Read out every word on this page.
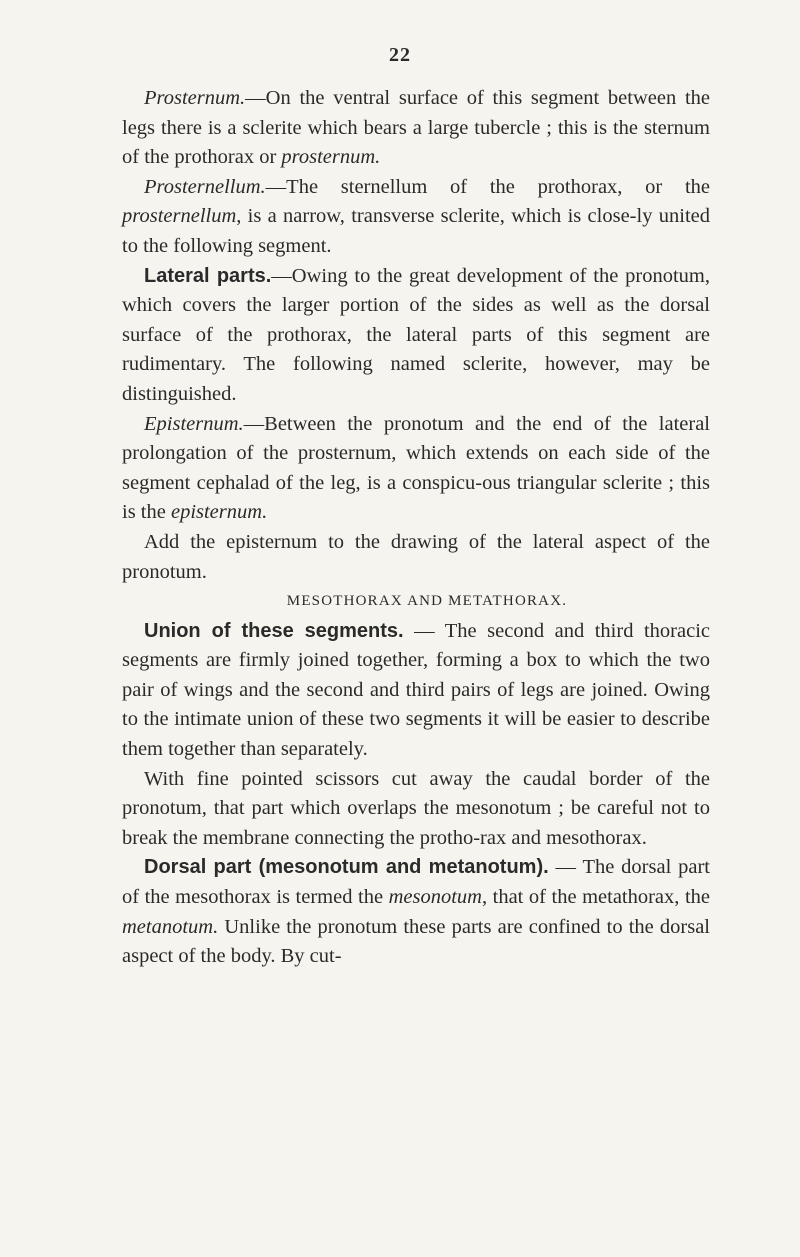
22

Prosternum.—On the ventral surface of this segment between the legs there is a sclerite which bears a large tubercle ; this is the sternum of the prothorax or prosternum.

Prosternellum.—The sternellum of the prothorax, or the prosternellum, is a narrow, transverse sclerite, which is close-ly united to the following segment.

Lateral parts.—Owing to the great development of the pronotum, which covers the larger portion of the sides as well as the dorsal surface of the prothorax, the lateral parts of this segment are rudimentary. The following named sclerite, however, may be distinguished.

Episternum.—Between the pronotum and the end of the lateral prolongation of the prosternum, which extends on each side of the segment cephalad of the leg, is a conspicu-ous triangular sclerite ; this is the episternum.

Add the episternum to the drawing of the lateral aspect of the pronotum.

MESOTHORAX AND METATHORAX.

Union of these segments. — The second and third thoracic segments are firmly joined together, forming a box to which the two pair of wings and the second and third pairs of legs are joined. Owing to the intimate union of these two segments it will be easier to describe them together than separately.

With fine pointed scissors cut away the caudal border of the pronotum, that part which overlaps the mesonotum ; be careful not to break the membrane connecting the protho-rax and mesothorax.

Dorsal part (mesonotum and metanotum). — The dorsal part of the mesothorax is termed the mesonotum, that of the metathorax, the metanotum. Unlike the pronotum these parts are confined to the dorsal aspect of the body. By cut-
